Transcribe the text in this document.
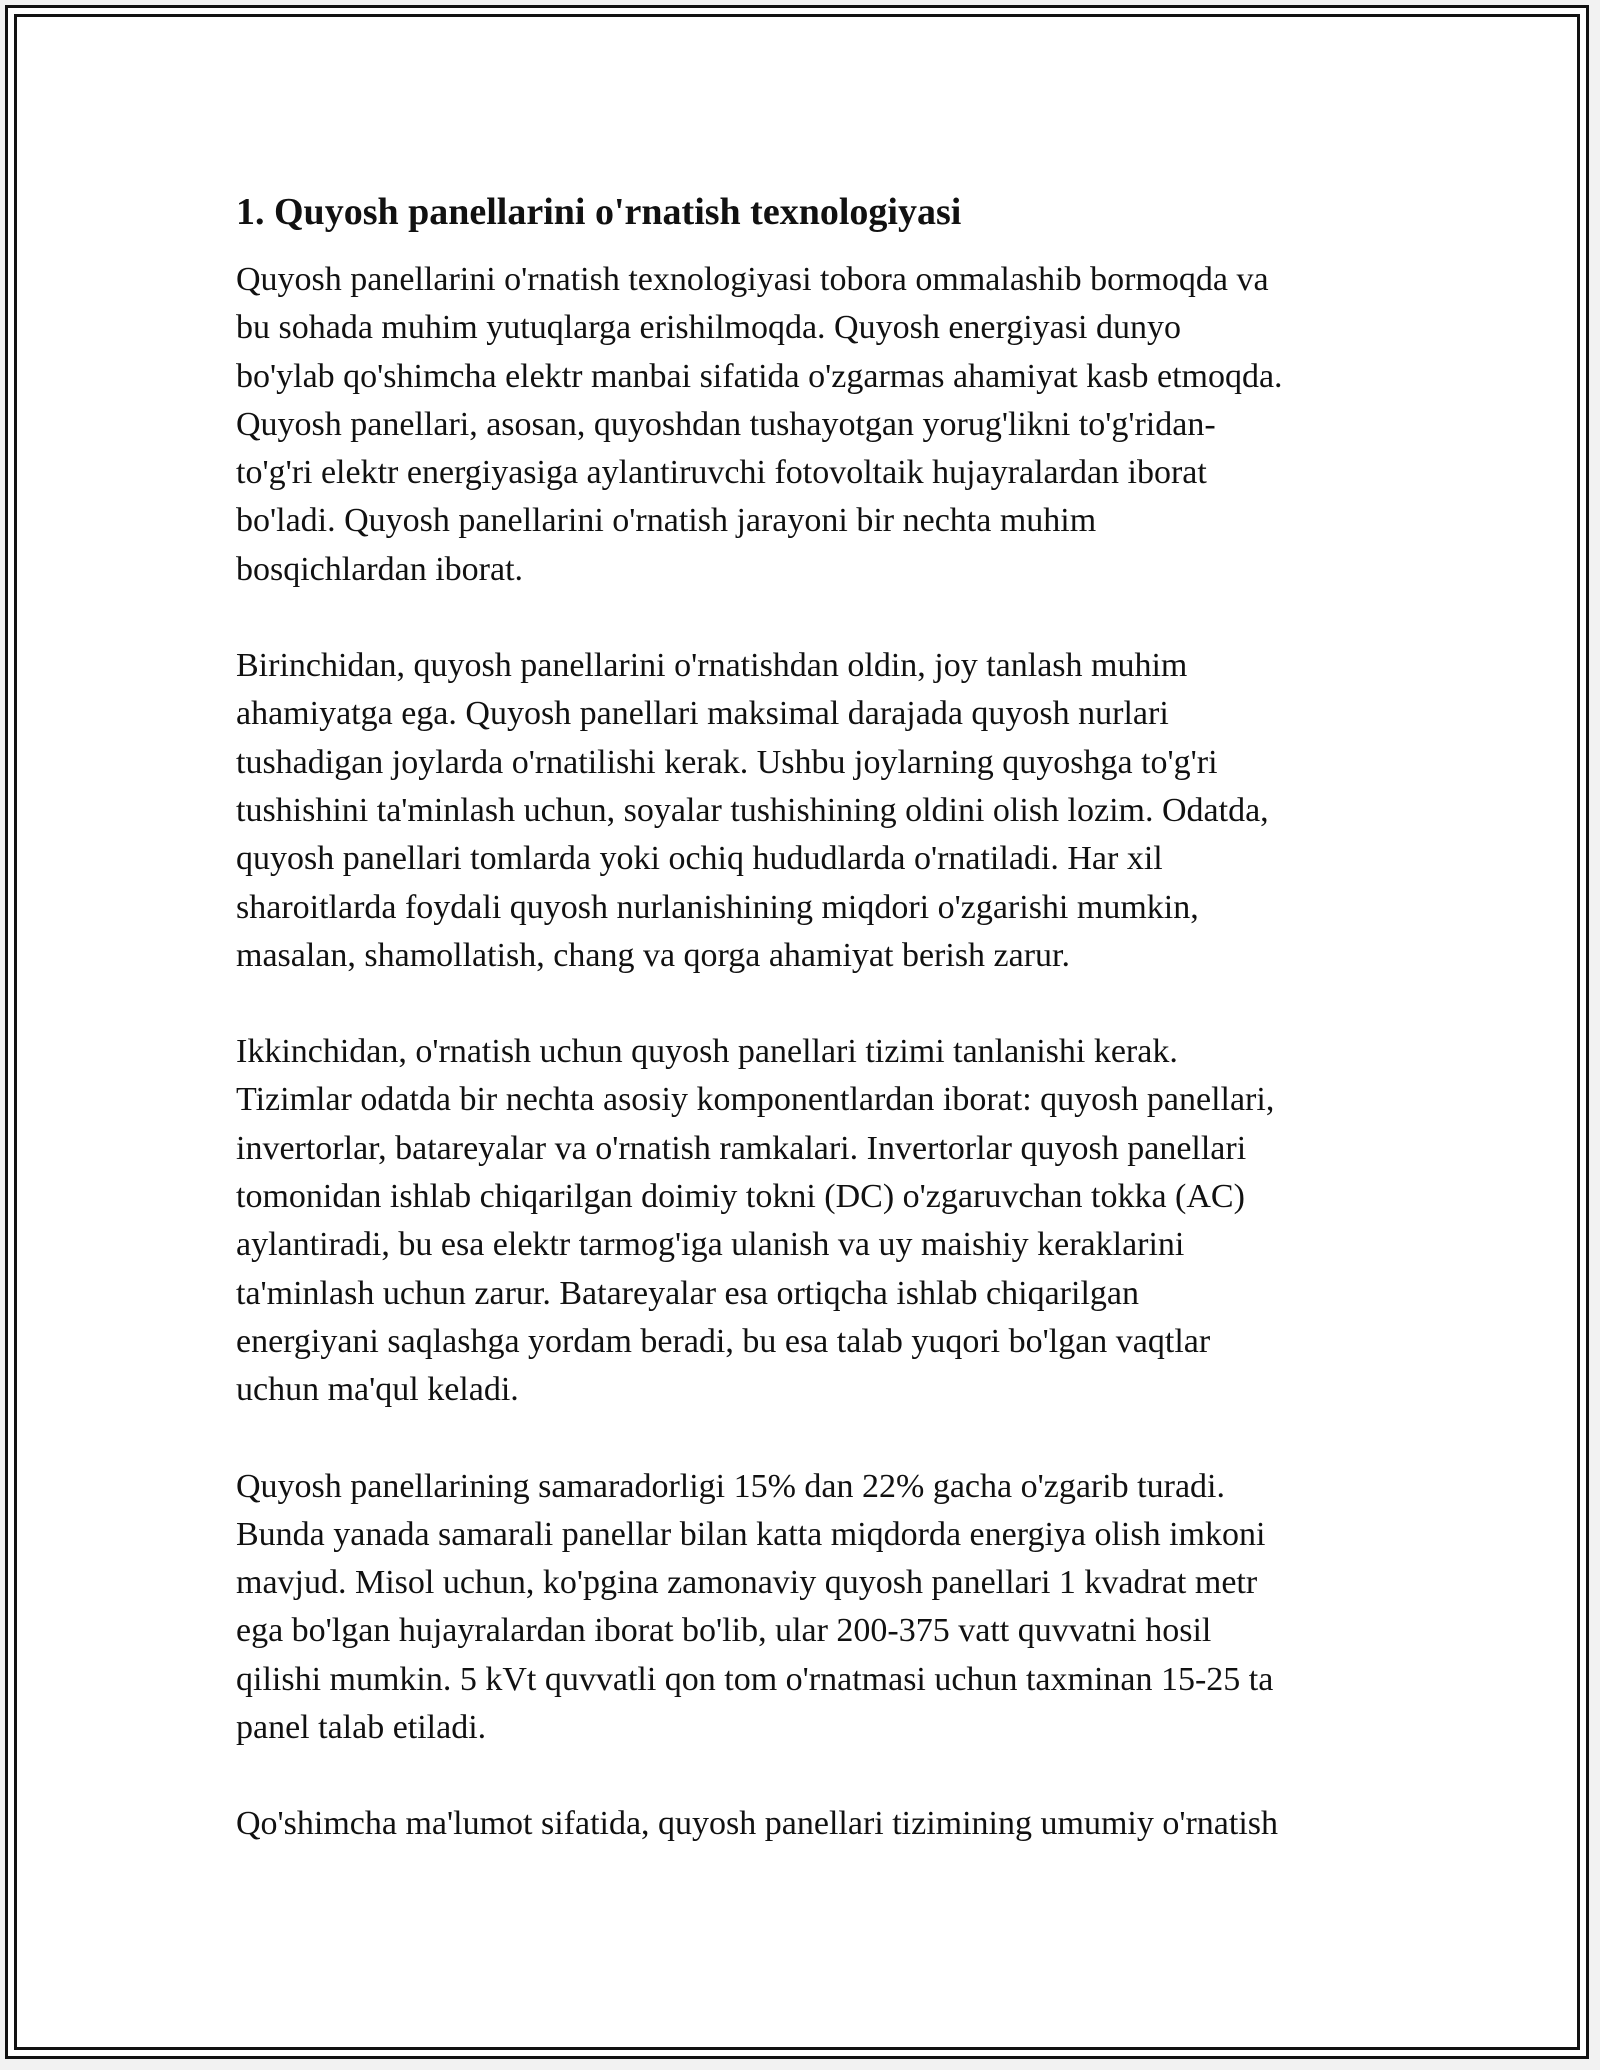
1. Quyosh panellarini o'rnatish texnologiyasi

Quyosh panellarini o'rnatish texnologiyasi tobora ommalashib bormoqda va
bu sohada muhim yutuqlarga erishilmoqda. Quyosh energiyasi dunyo
bo'ylab qo'shimcha elektr manbai sifatida o'zgarmas ahamiyat kasb etmoqda.
Quyosh panellari, asosan, quyoshdan tushayotgan yorug'likni to'g'ridan-
to'g'ri elektr energiyasiga aylantiruvchi fotovoltaik hujayralardan iborat
bo'ladi. Quyosh panellarini o'rnatish jarayoni bir nechta muhim
bosqichlardan iborat.

Birinchidan, quyosh panellarini o'rnatishdan oldin, joy tanlash muhim
ahamiyatga ega. Quyosh panellari maksimal darajada quyosh nurlari
tushadigan joylarda o'rnatilishi kerak. Ushbu joylarning quyoshga to'g'ri
tushishini ta'minlash uchun, soyalar tushishining oldini olish lozim. Odatda,
quyosh panellari tomlarda yoki ochiq hududlarda o'rnatiladi. Har xil
sharoitlarda foydali quyosh nurlanishining miqdori o'zgarishi mumkin,
masalan, shamollatish, chang va qorga ahamiyat berish zarur.

Ikkinchidan, o'rnatish uchun quyosh panellari tizimi tanlanishi kerak.
Tizimlar odatda bir nechta asosiy komponentlardan iborat: quyosh panellari,
invertorlar, batareyalar va o'rnatish ramkalari. Invertorlar quyosh panellari
tomonidan ishlab chiqarilgan doimiy tokni (DC) o'zgaruvchan tokka (AC)
aylantiradi, bu esa elektr tarmog'iga ulanish va uy maishiy keraklarini
ta'minlash uchun zarur. Batareyalar esa ortiqcha ishlab chiqarilgan
energiyani saqlashga yordam beradi, bu esa talab yuqori bo'lgan vaqtlar
uchun ma'qul keladi.

Quyosh panellarining samaradorligi 15% dan 22% gacha o'zgarib turadi.
Bunda yanada samarali panellar bilan katta miqdorda energiya olish imkoni
mavjud. Misol uchun, ko'pgina zamonaviy quyosh panellari 1 kvadrat metr
ega bo'lgan hujayralardan iborat bo'lib, ular 200-375 vatt quvvatni hosil
qilishi mumkin. 5 kVt quvvatli qon tom o'rnatmasi uchun taxminan 15-25 ta
panel talab etiladi.

Qo'shimcha ma'lumot sifatida, quyosh panellari tizimining umumiy o'rnatish
